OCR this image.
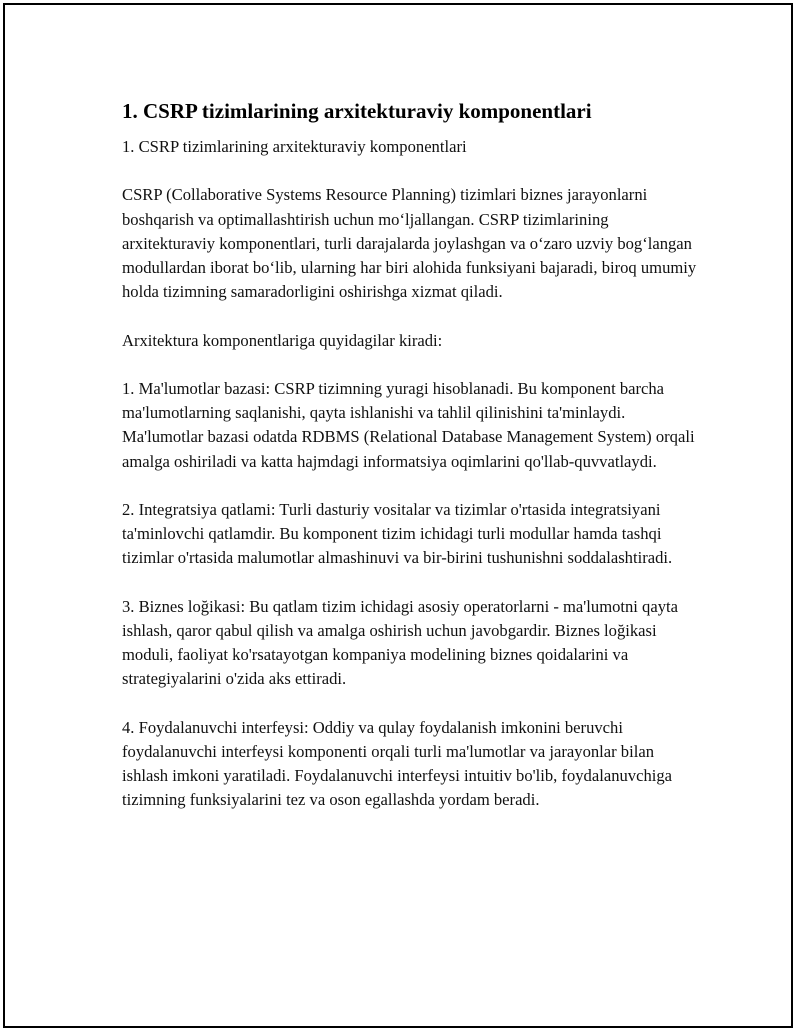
1. CSRP tizimlarining arxitekturaviy komponentlari

1. CSRP tizimlarining arxitekturaviy komponentlari

CSRP (Collaborative Systems Resource Planning) tizimlari biznes jarayonlarni boshqarish va optimallashtirish uchun mo‘ljallangan. CSRP tizimlarining arxitekturaviy komponentlari, turli darajalarda joylashgan va o‘zaro uzviy bog‘langan modullardan iborat bo‘lib, ularning har biri alohida funksiyani bajaradi, biroq umumiy holda tizimning samaradorligini oshirishga xizmat qiladi.

Arxitektura komponentlariga quyidagilar kiradi:

1. Ma'lumotlar bazasi: CSRP tizimning yuragi hisoblanadi. Bu komponent barcha ma'lumotlarning saqlanishi, qayta ishlanishi va tahlil qilinishini ta'minlaydi. Ma'lumotlar bazasi odatda RDBMS (Relational Database Management System) orqali amalga oshiriladi va katta hajmdagi informatsiya oqimlarini qo'llab-quvvatlaydi.

2. Integratsiya qatlami: Turli dasturiy vositalar va tizimlar o'rtasida integratsiyani ta'minlovchi qatlamdir. Bu komponent tizim ichidagi turli modullar hamda tashqi tizimlar o'rtasida malumotlar almashinuvi va bir-birini tushunishni soddalashtiradi.

3. Biznes loğikasi: Bu qatlam tizim ichidagi asosiy operatorlarni - ma'lumotni qayta ishlash, qaror qabul qilish va amalga oshirish uchun javobgardir. Biznes loğikasi moduli, faoliyat ko'rsatayotgan kompaniya modelining biznes qoidalarini va strategiyalarini o'zida aks ettiradi.

4. Foydalanuvchi interfeysi: Oddiy va qulay foydalanish imkonini beruvchi foydalanuvchi interfeysi komponenti orqali turli ma'lumotlar va jarayonlar bilan ishlash imkoni yaratiladi. Foydalanuvchi interfeysi intuitiv bo'lib, foydalanuvchiga tizimning funksiyalarini tez va oson egallashda yordam beradi.
